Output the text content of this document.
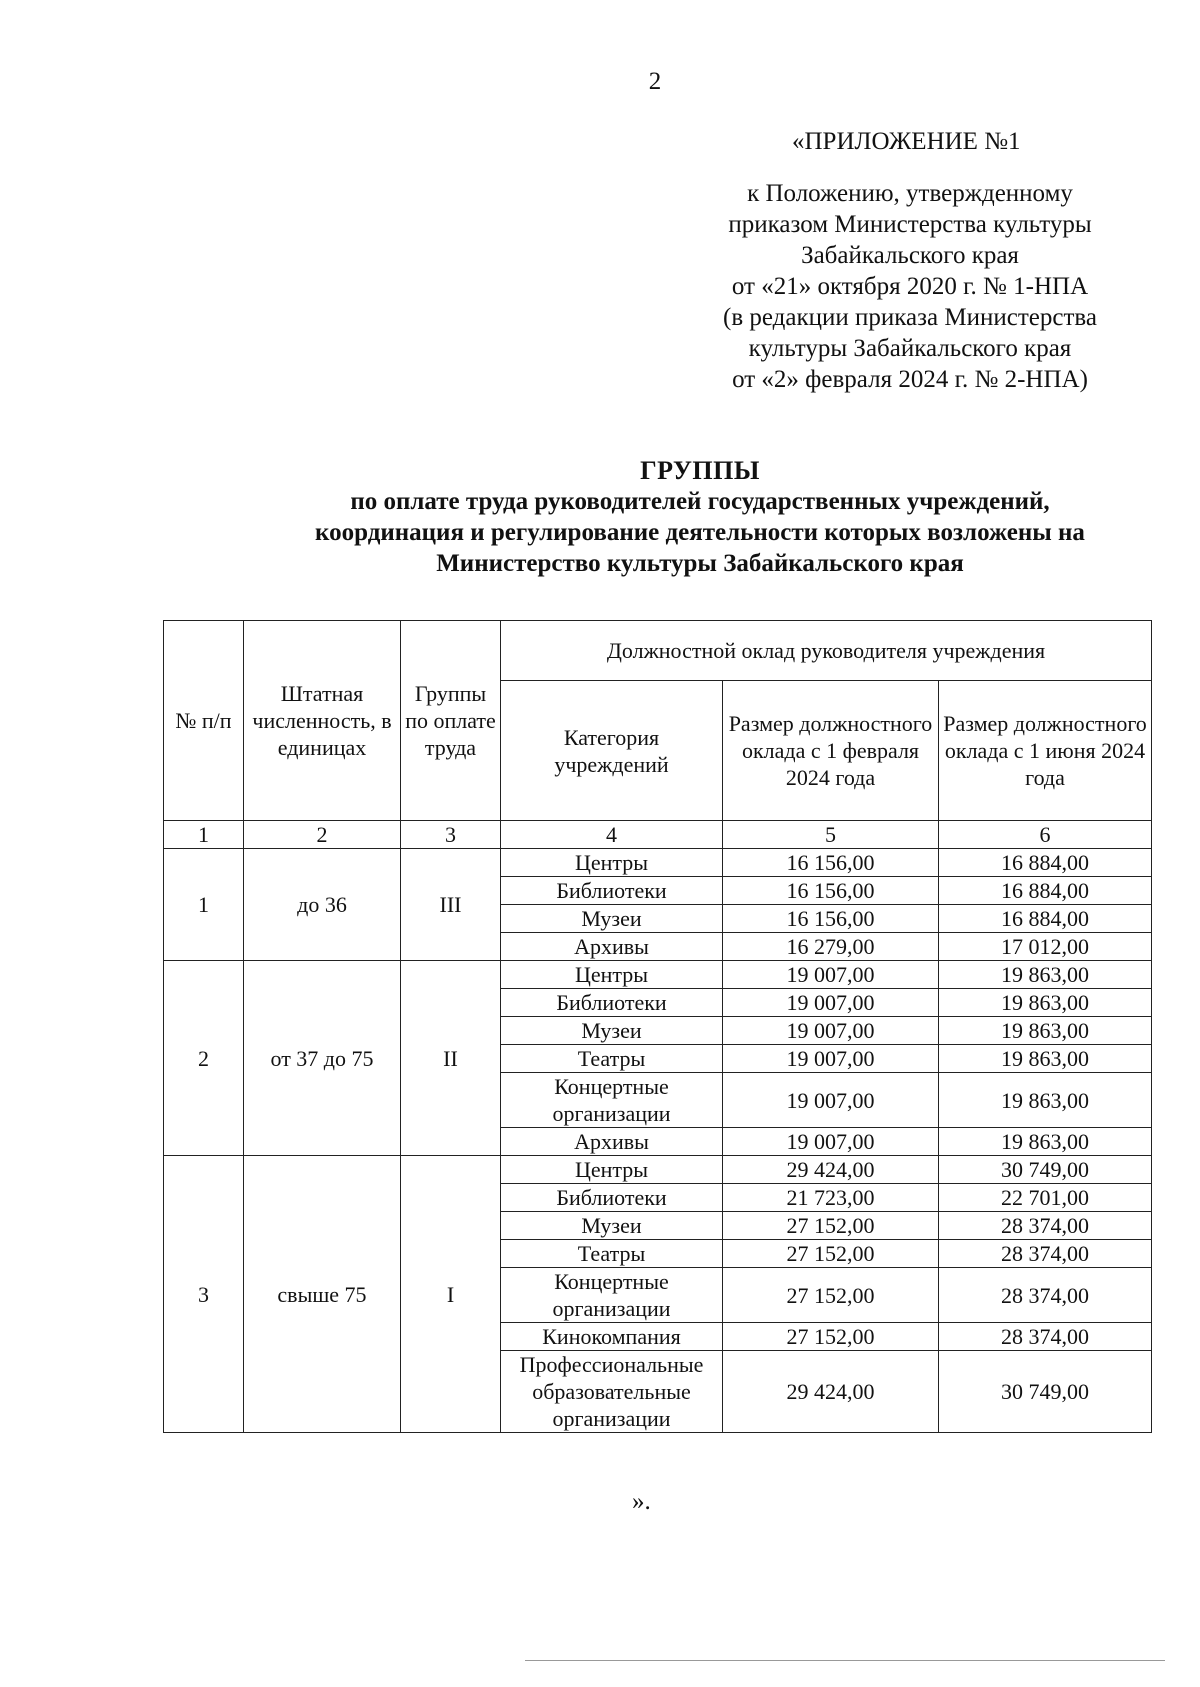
2
«ПРИЛОЖЕНИЕ №1
к Положению, утвержденному
приказом Министерства культуры
Забайкальского края
от «21» октября 2020 г. № 1-НПА
(в редакции приказа Министерства
культуры Забайкальского края
от «2» февраля 2024 г. № 2-НПА)
ГРУППЫ
по оплате труда руководителей государственных учреждений,
координация и регулирование деятельности которых возложены на
Министерство культуры Забайкальского края
№ п/п	Штатная численность, в единицах	Группы по оплате труда	Должностной оклад руководителя учреждения		
			Категория учреждений	Размер должностного оклада с 1 февраля 2024 года	Размер должностного оклада с 1 июня 2024 года
1	2	3	4	5	6
1	до 36	III	Центры	16 156,00	16 884,00
			Библиотеки	16 156,00	16 884,00
			Музеи	16 156,00	16 884,00
			Архивы	16 279,00	17 012,00
2	от 37 до 75	II	Центры	19 007,00	19 863,00
			Библиотеки	19 007,00	19 863,00
			Музеи	19 007,00	19 863,00
			Театры	19 007,00	19 863,00
			Концертные организации	19 007,00	19 863,00
			Архивы	19 007,00	19 863,00
3	свыше 75	I	Центры	29 424,00	30 749,00
			Библиотеки	21 723,00	22 701,00
			Музеи	27 152,00	28 374,00
			Театры	27 152,00	28 374,00
			Концертные организации	27 152,00	28 374,00
			Кинокомпания	27 152,00	28 374,00
			Профессиональные образовательные организации	29 424,00	30 749,00
».
